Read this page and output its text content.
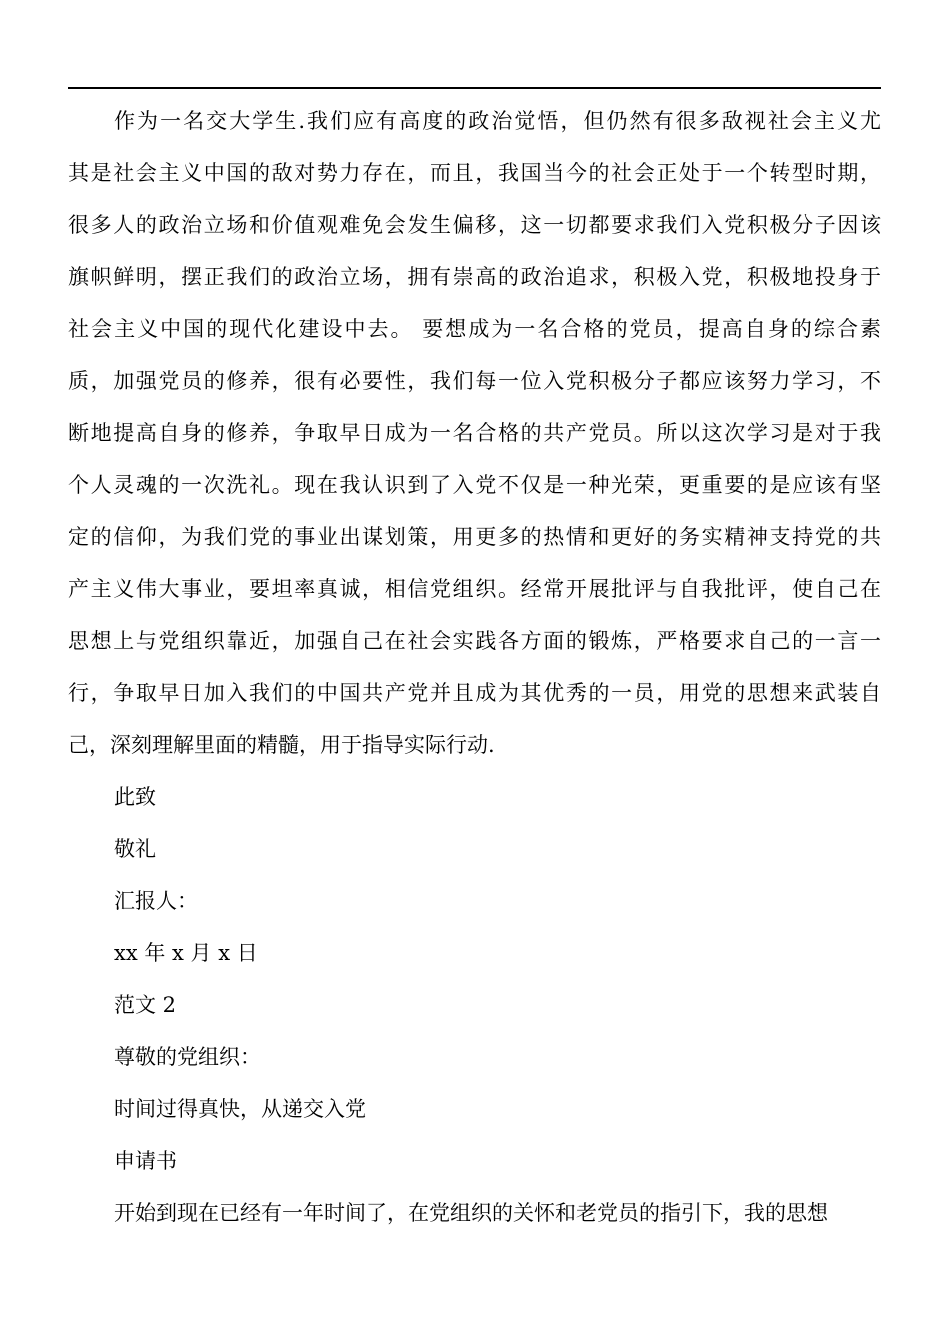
作为一名交大学生.我们应有高度的政治觉悟，但仍然有很多敌视社会主义尤
其是社会主义中国的敌对势力存在，而且，我国当今的社会正处于一个转型时期，
很多人的政治立场和价值观难免会发生偏移，这一切都要求我们入党积极分子因该
旗帜鲜明，摆正我们的政治立场，拥有崇高的政治追求，积极入党，积极地投身于
社会主义中国的现代化建设中去。 要想成为一名合格的党员，提高自身的综合素
质，加强党员的修养，很有必要性，我们每一位入党积极分子都应该努力学习，不
断地提高自身的修养，争取早日成为一名合格的共产党员。所以这次学习是对于我
个人灵魂的一次洗礼。现在我认识到了入党不仅是一种光荣，更重要的是应该有坚
定的信仰，为我们党的事业出谋划策，用更多的热情和更好的务实精神支持党的共
产主义伟大事业，要坦率真诚，相信党组织。经常开展批评与自我批评，使自己在
思想上与党组织靠近，加强自己在社会实践各方面的锻炼，严格要求自己的一言一
行，争取早日加入我们的中国共产党并且成为其优秀的一员，用党的思想来武装自
己，深刻理解里面的精髓，用于指导实际行动.
此致
敬礼
汇报人：
xx 年 x 月 x 日
范文 2
尊敬的党组织：
时间过得真快，从递交入党
申请书
开始到现在已经有一年时间了，在党组织的关怀和老党员的指引下，我的思想
